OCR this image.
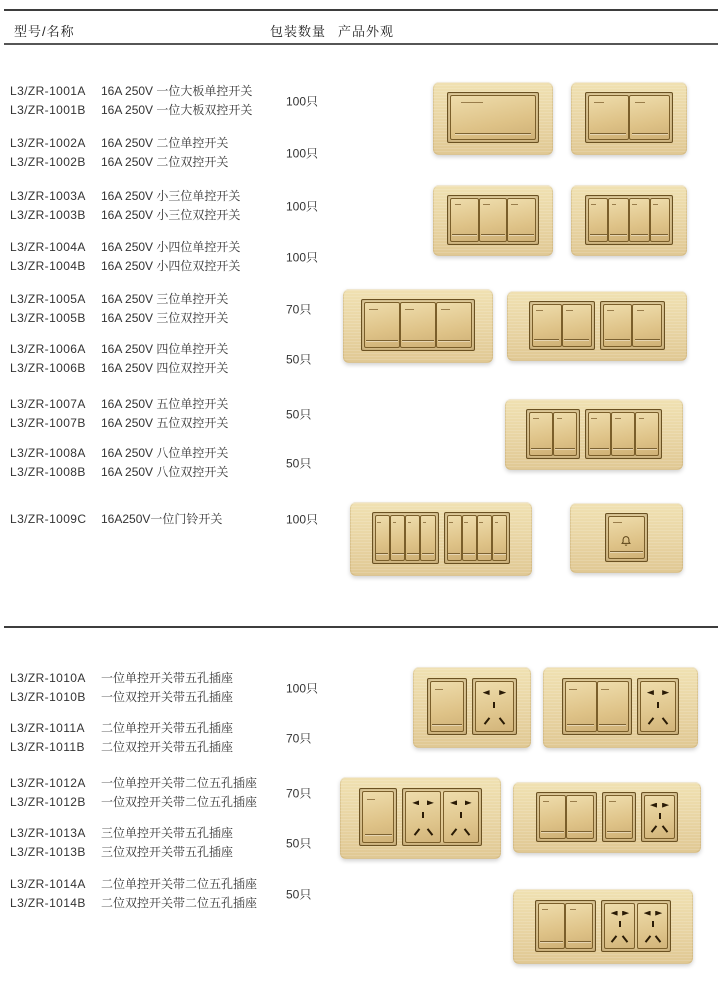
型号/名称	包装数量 产品外观
L3/ZR-1001A
L3/ZR-1001B
16A 250V 一位大板单控开关
16A 250V 一位大板双控开关
100只
L3/ZR-1002A
L3/ZR-1002B
16A 250V 二位单控开关
16A 250V 二位双控开关
100只
L3/ZR-1003A
L3/ZR-1003B
16A 250V 小三位单控开关
16A 250V 小三位双控开关
100只
L3/ZR-1004A
L3/ZR-1004B
16A 250V 小四位单控开关
16A 250V 小四位双控开关
100只
L3/ZR-1005A
L3/ZR-1005B
16A 250V 三位单控开关
16A 250V 三位双控开关
70只
L3/ZR-1006A
L3/ZR-1006B
16A 250V 四位单控开关
16A 250V 四位双控开关
50只
L3/ZR-1007A
L3/ZR-1007B
16A 250V 五位单控开关
16A 250V 五位双控开关
50只
L3/ZR-1008A
L3/ZR-1008B
16A 250V 八位单控开关
16A 250V 八位双控开关
50只
L3/ZR-1009C 16A250V一位门铃开关	100只
L3/ZR-1010A
L3/ZR-1010B
一位单控开关带五孔插座
一位双控开关带五孔插座
100只
L3/ZR-1011A
L3/ZR-1011B
二位单控开关带五孔插座
二位双控开关带五孔插座
70只
L3/ZR-1012A
L3/ZR-1012B
一位单控开关带二位五孔插座
一位双控开关带二位五孔插座
70只
L3/ZR-1013A
L3/ZR-1013B
三位单控开关带五孔插座
三位双控开关带五孔插座
50只
L3/ZR-1014A
L3/ZR-1014B
二位单控开关带二位五孔插座
二位双控开关带二位五孔插座
50只
